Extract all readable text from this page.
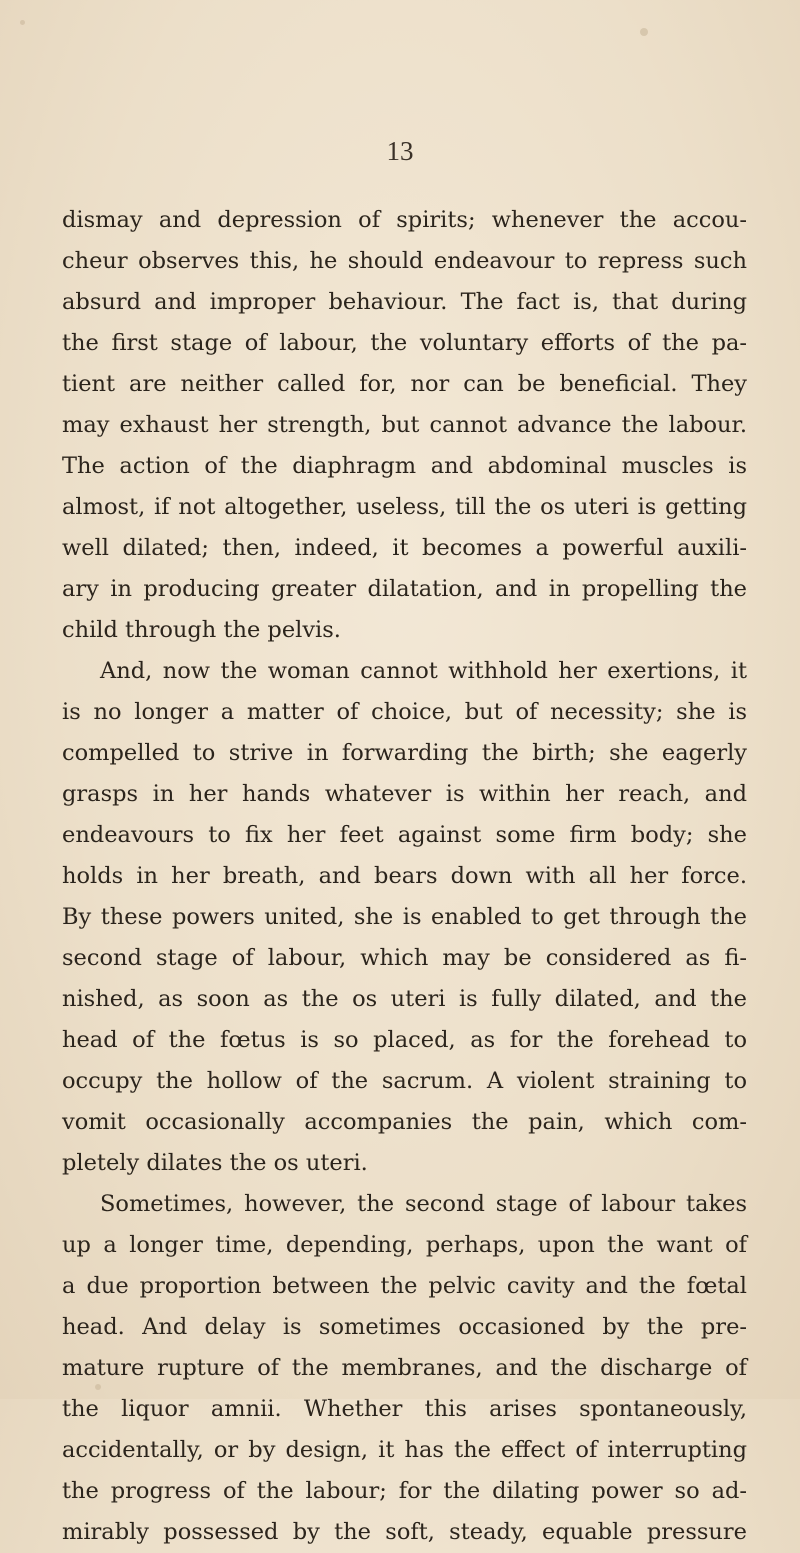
13
dismay and depression of spirits; whenever the accou-
cheur observes this, he should endeavour to repress such
absurd and improper behaviour. The fact is, that during
the first stage of labour, the voluntary efforts of the pa-
tient are neither called for, nor can be beneficial. They
may exhaust her strength, but cannot advance the labour.
The action of the diaphragm and abdominal muscles is
almost, if not altogether, useless, till the os uteri is getting
well dilated; then, indeed, it becomes a powerful auxili-
ary in producing greater dilatation, and in propelling the
child through the pelvis.
And, now the woman cannot withhold her exertions, it
is no longer a matter of choice, but of necessity; she is
compelled to strive in forwarding the birth; she eagerly
grasps in her hands whatever is within her reach, and
endeavours to fix her feet against some firm body; she
holds in her breath, and bears down with all her force.
By these powers united, she is enabled to get through the
second stage of labour, which may be considered as fi-
nished, as soon as the os uteri is fully dilated, and the
head of the fœtus is so placed, as for the forehead to
occupy the hollow of the sacrum. A violent straining to
vomit occasionally accompanies the pain, which com-
pletely dilates the os uteri.
Sometimes, however, the second stage of labour takes
up a longer time, depending, perhaps, upon the want of
a due proportion between the pelvic cavity and the fœtal
head. And delay is sometimes occasioned by the pre-
mature rupture of the membranes, and the discharge of
the liquor amnii. Whether this arises spontaneously,
accidentally, or by design, it has the effect of interrupting
the progress of the labour; for the dilating power so ad-
mirably possessed by the soft, steady, equable pressure
